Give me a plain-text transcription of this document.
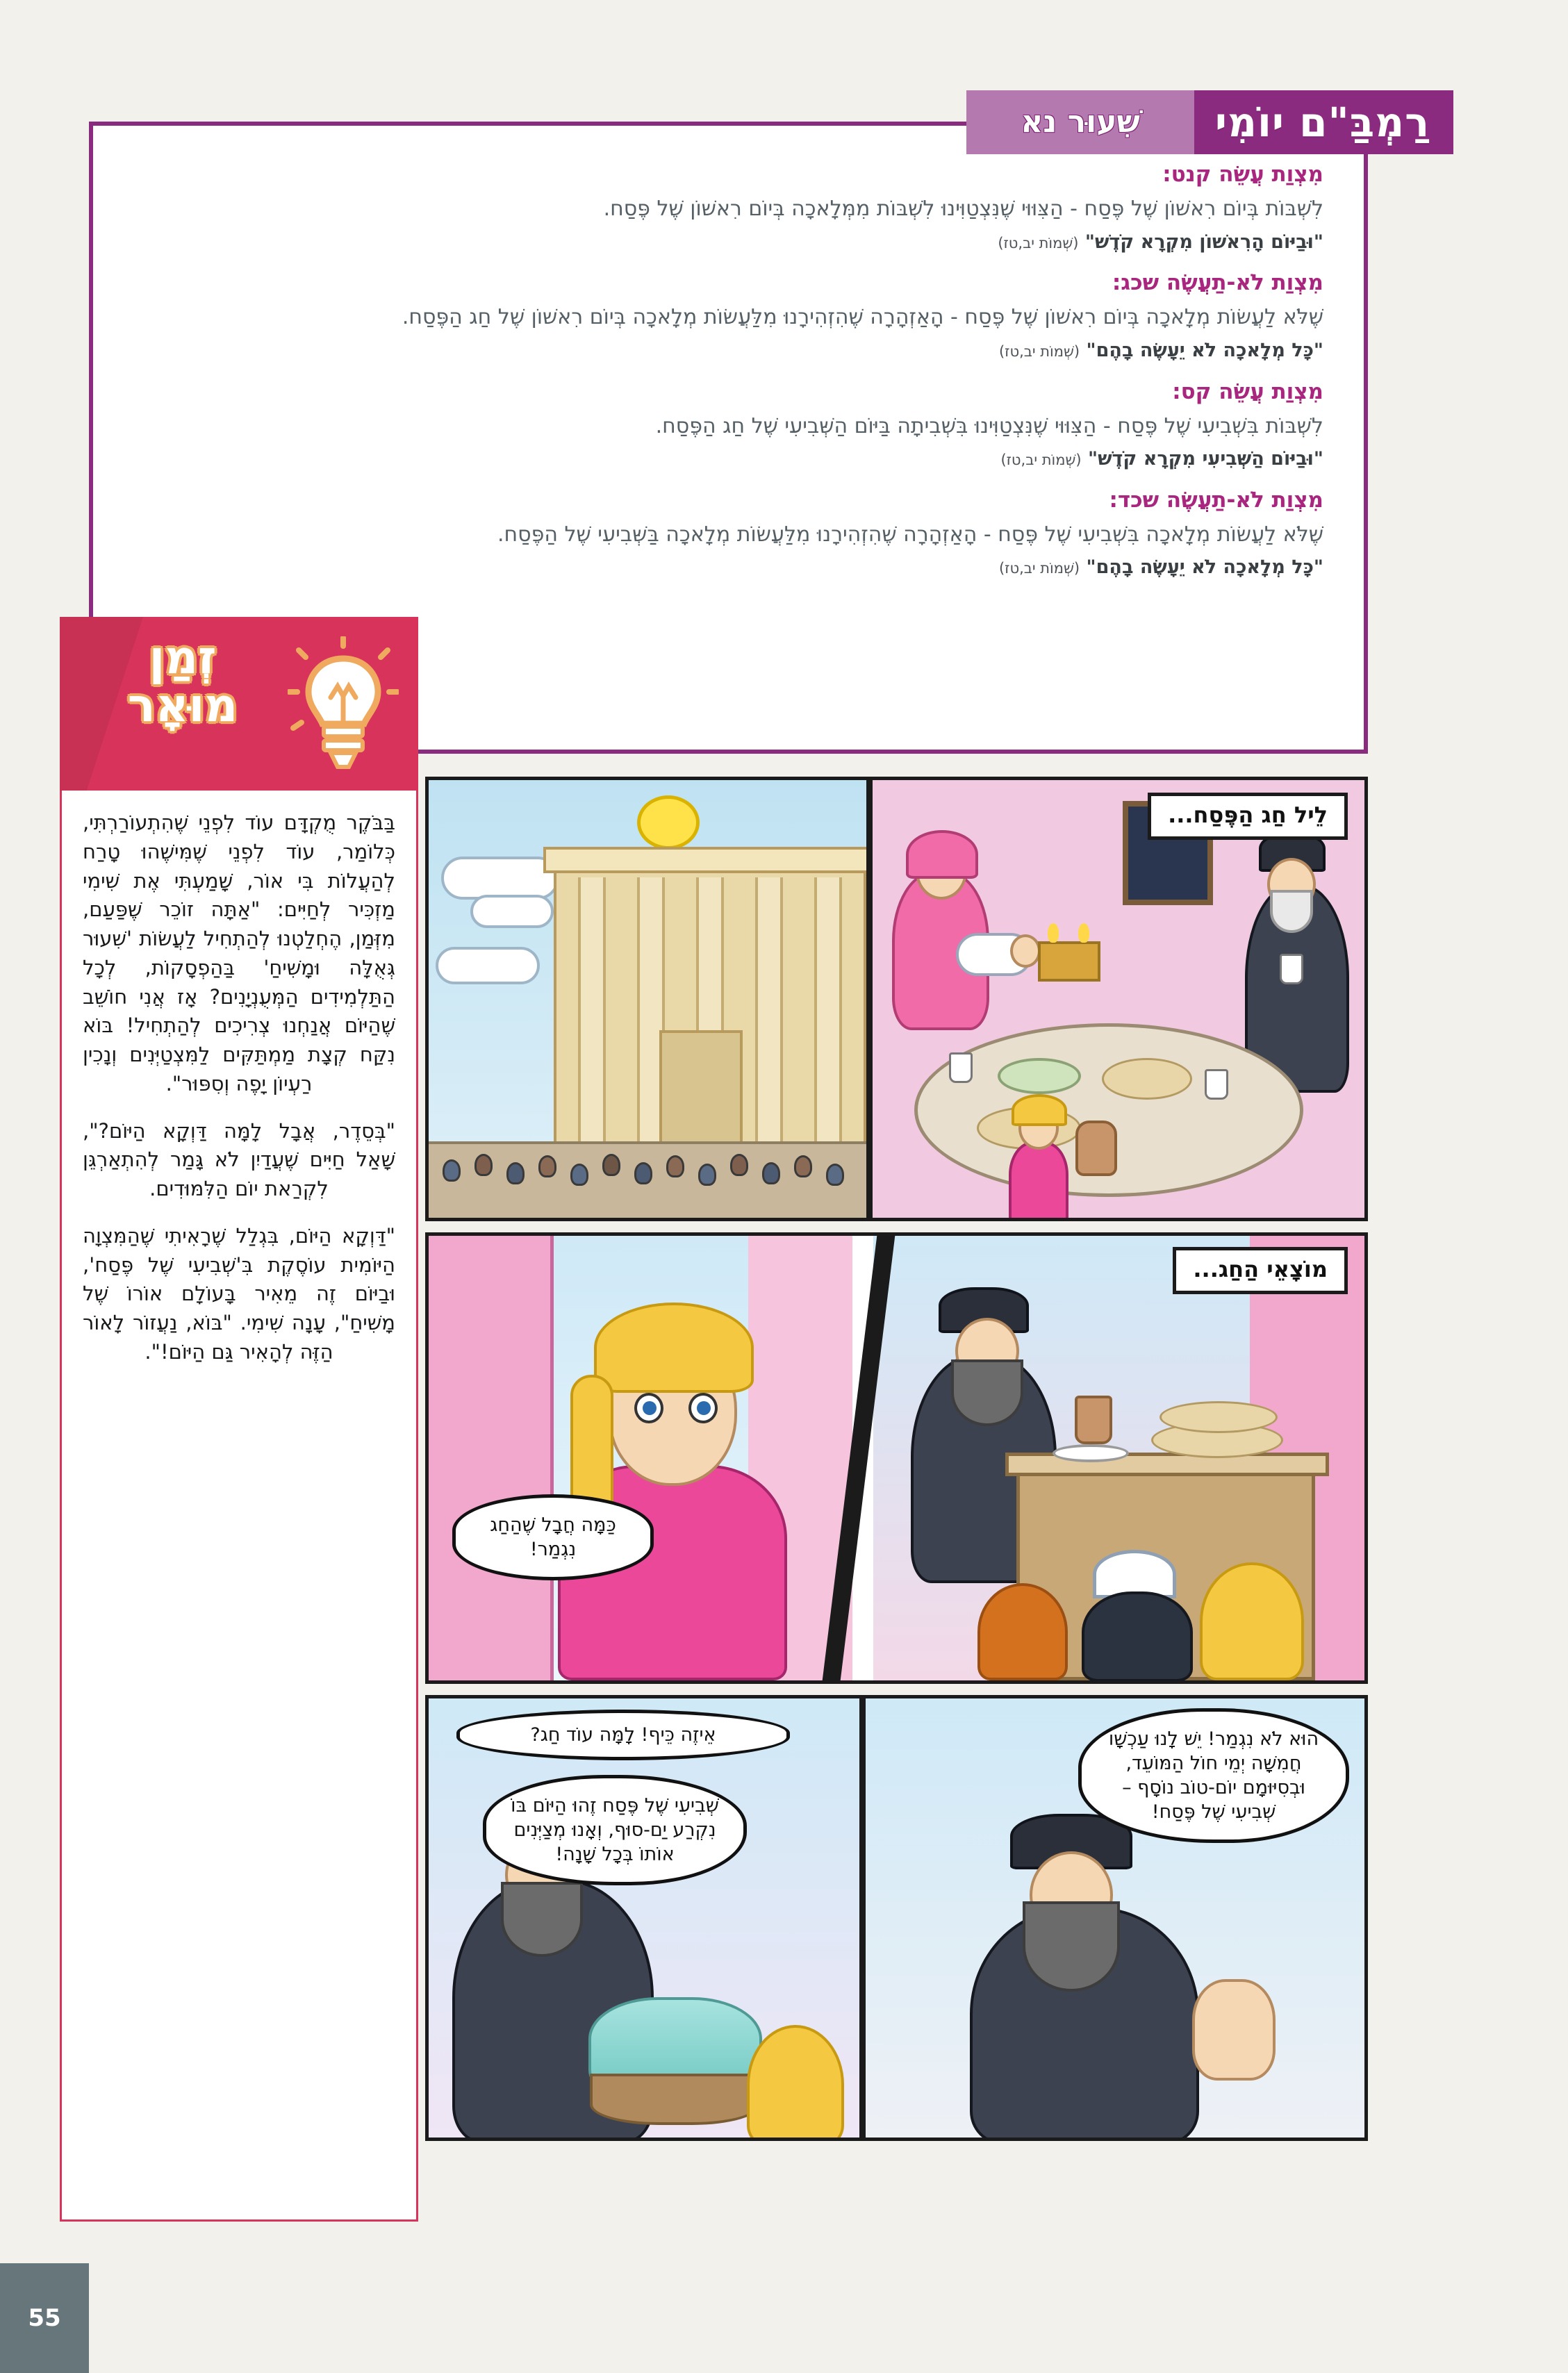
רַמְבַּ"ם יוֹמִי
שִׁעוּר נא
מִצְוַת עֲשֵׂה קנט:
לִשְׁבּוֹת בְּיוֹם רִאשׁוֹן שֶׁל פֶּסַח - הַצִּוּוּי שֶׁנִּצְטַוִּינוּ לִשְׁבּוֹת מִמְּלָאכָה בְּיוֹם רִאשׁוֹן שֶׁל פֶּסַח.
"וּבַיּוֹם הָרִאשׁוֹן מִקְרָא קֹדֶשׁ" (שְׁמוֹת יב,טז)
מִצְוַת לֹא-תַעֲשֶׂה שכג:
שֶׁלֹּא לַעֲשׂוֹת מְלָאכָה בְּיוֹם רִאשׁוֹן שֶׁל פֶּסַח - הָאַזְהָרָה שֶׁהִזְהִירָנוּ מִלַּעֲשׂוֹת מְלָאכָה בְּיוֹם רִאשׁוֹן שֶׁל חַג הַפֶּסַח.
"כָּל מְלָאכָה לֹא יֵעָשֶׂה בָהֶם" (שְׁמוֹת יב,טז)
מִצְוַת עֲשֵׂה קס:
לִשְׁבּוֹת בִּשְׁבִיעִי שֶׁל פֶּסַח - הַצִּוּוּי שֶׁנִּצְטַוִּינוּ בִּשְׁבִיתָה בַּיּוֹם הַשְּׁבִיעִי שֶׁל חַג הַפֶּסַח.
"וּבַיּוֹם הַשְּׁבִיעִי מִקְרָא קֹדֶשׁ" (שְׁמוֹת יב,טז)
מִצְוַת לֹא-תַעֲשֶׂה שכד:
שֶׁלֹּא לַעֲשׂוֹת מְלָאכָה בִּשְׁבִיעִי שֶׁל פֶּסַח - הָאַזְהָרָה שֶׁהִזְהִירָנוּ מִלַּעֲשׂוֹת מְלָאכָה בַּשְּׁבִיעִי שֶׁל הַפֶּסַח.
"כָּל מְלָאכָה לֹא יֵעָשֶׂה בָהֶם" (שְׁמוֹת יב,טז)
זְמַן
מוּאָר

בַּבֹּקֶר מֻקְדָּם עוֹד לִפְנֵי שֶׁהִתְעוֹרַרְתִּי, כְּלוֹמַר, עוֹד לִפְנֵי שֶׁמִּישֶׁהוּ טָרַח לְהַעֲלוֹת בִּי אוֹר, שָׁמַעְתִּי אֶת שִׁימִי מַזְכִּיר לְחַיִּים: "אַתָּה זוֹכֵר שֶׁפַּעַם, מִזְּמַן, הֶחְלַטְנוּ לְהַתְחִיל לַעֲשׂוֹת 'שִׁעוּר גְּאֻלָּה וּמָשִׁיחַ' בַּהַפְסָקוֹת, לְכָל הַתַּלְמִידִים הַמְּעֻנְיָנִים? אָז אֲנִי חוֹשֵׁב שֶׁהַיּוֹם אֲנַחְנוּ צְרִיכִים לְהַתְחִיל! בּוֹא נִקַּח קְצָת מַמְתַּקִּים לַמִּצְטַיְּנִים וְנָכִין רַעְיוֹן יָפֶה וְסִפּוּר".

"בְּסֵדֶר, אֲבָל לָמָּה דַּוְקָא הַיּוֹם?", שָׁאַל חַיִּים שֶׁעֲדַיִן לֹא גָּמַר לְהִתְאַרְגֵּן לִקְרַאת יוֹם הַלִּמּוּדִים.

"דַּוְקָא הַיּוֹם, בִּגְלַל שֶׁרָאִיתִי שֶׁהַמִּצְוָה הַיּוֹמִית עוֹסֶקֶת בִּ'שְׁבִיעִי שֶׁל פֶּסַח', וּבַיּוֹם זֶה מֵאִיר בָּעוֹלָם אוֹרוֹ שֶׁל מָשִׁיחַ", עָנָה שִׁימִי. "בּוֹא, נַעֲזוֹר לָאוֹר הַזֶּה לְהָאִיר גַּם הַיּוֹם!".

לֵיל חַג הַפֶּסַח...
כַּמָּה חֲבָל שֶׁהַחַג נִגְמַר!
מוֹצָאֵי הַחַג...
אֵיזֶה כֵּיף! לָמָּה עוֹד חַג?
שְׁבִיעִי שֶׁל פֶּסַח זֶהוּ הַיּוֹם בּוֹ נִקְרַע יַם-סוּף, וְאָנוּ מְצַיְּנִים אוֹתוֹ בְּכָל שָׁנָה!
הוּא לֹא נִגְמַר! יֵשׁ לָנוּ עַכְשָׁו חֲמִשָּׁה יְמֵי חוֹל הַמּוֹעֵד, וּבְסִיּוּמָם יוֹם-טוֹב נוֹסָף – שְׁבִיעִי שֶׁל פֶּסַח!
55
